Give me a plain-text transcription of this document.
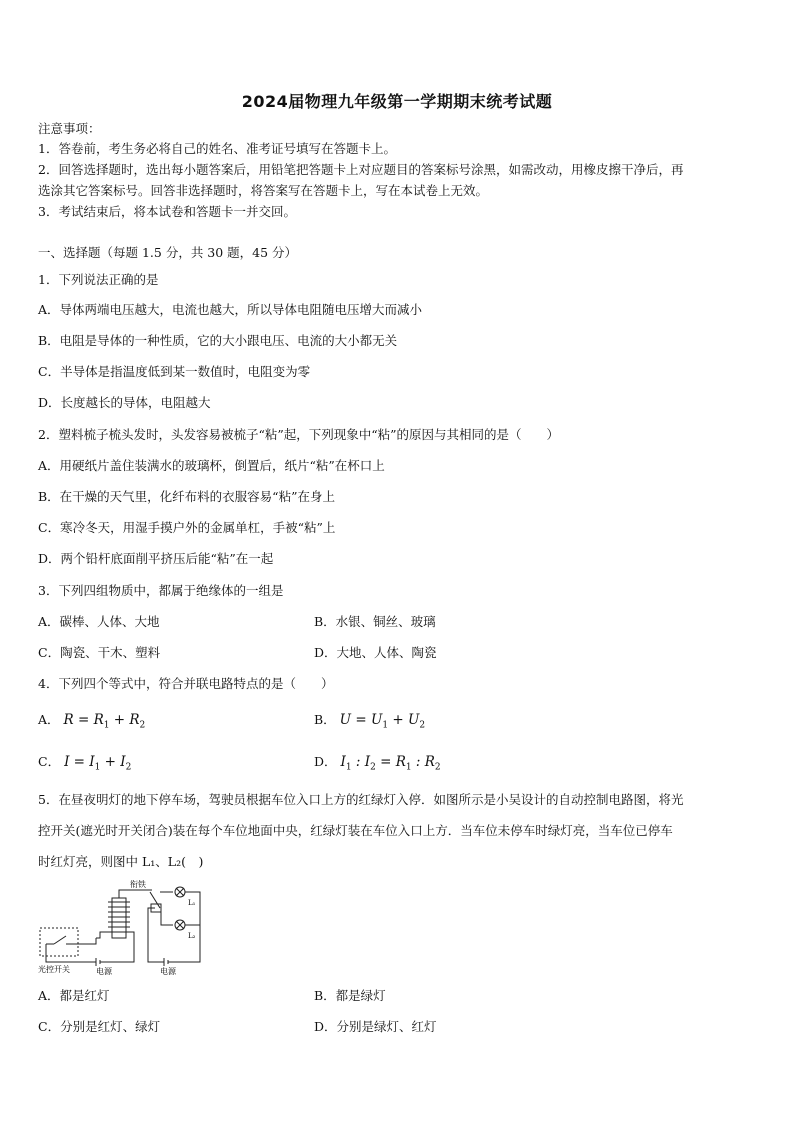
2024届物理九年级第一学期期末统考试题
注意事项：
1．答卷前，考生务必将自己的姓名、准考证号填写在答题卡上。
2．回答选择题时，选出每小题答案后，用铅笔把答题卡上对应题目的答案标号涂黑，如需改动，用橡皮擦干净后，再
选涂其它答案标号。回答非选择题时，将答案写在答题卡上，写在本试卷上无效。
3．考试结束后，将本试卷和答题卡一并交回。
一、选择题（每题 1.5 分，共 30 题，45 分）
1．下列说法正确的是
A．导体两端电压越大，电流也越大，所以导体电阻随电压增大而减小
B．电阻是导体的一种性质，它的大小跟电压、电流的大小都无关
C．半导体是指温度低到某一数值时，电阻变为零
D．长度越长的导体，电阻越大
2．塑料梳子梳头发时，头发容易被梳子“粘”起，下列现象中“粘”的原因与其相同的是（　　）
A．用硬纸片盖住装满水的玻璃杯，倒置后，纸片“粘”在杯口上
B．在干燥的天气里，化纤布料的衣服容易“粘”在身上
C．寒冷冬天，用湿手摸户外的金属单杠，手被“粘”上
D．两个铅杆底面削平挤压后能“粘”在一起
3．下列四组物质中，都属于绝缘体的一组是
A．碳棒、人体、大地	B．水银、铜丝、玻璃
C．陶瓷、干木、塑料	D．大地、人体、陶瓷
4．下列四个等式中，符合并联电路特点的是（　　）
A． $R = R_1 + R_2$	B． $U = U_1 + U_2$
C． $I = I_1 + I_2$	D． $I_1$ : $I_2 = R_1$ : $R_2$
5．在昼夜明灯的地下停车场，驾驶员根据车位入口上方的红绿灯入停．如图所示是小吴设计的自动控制电路图，将光
控开关(遮光时开关闭合)装在每个车位地面中央，红绿灯装在车位入口上方．当车位未停车时绿灯亮，当车位已停车
时红灯亮，则图中 L₁、L₂(　)
衔铁
L₁
L₂
光控开关	电源	电源
A．都是红灯	B．都是绿灯
C．分别是红灯、绿灯	D．分别是绿灯、红灯
